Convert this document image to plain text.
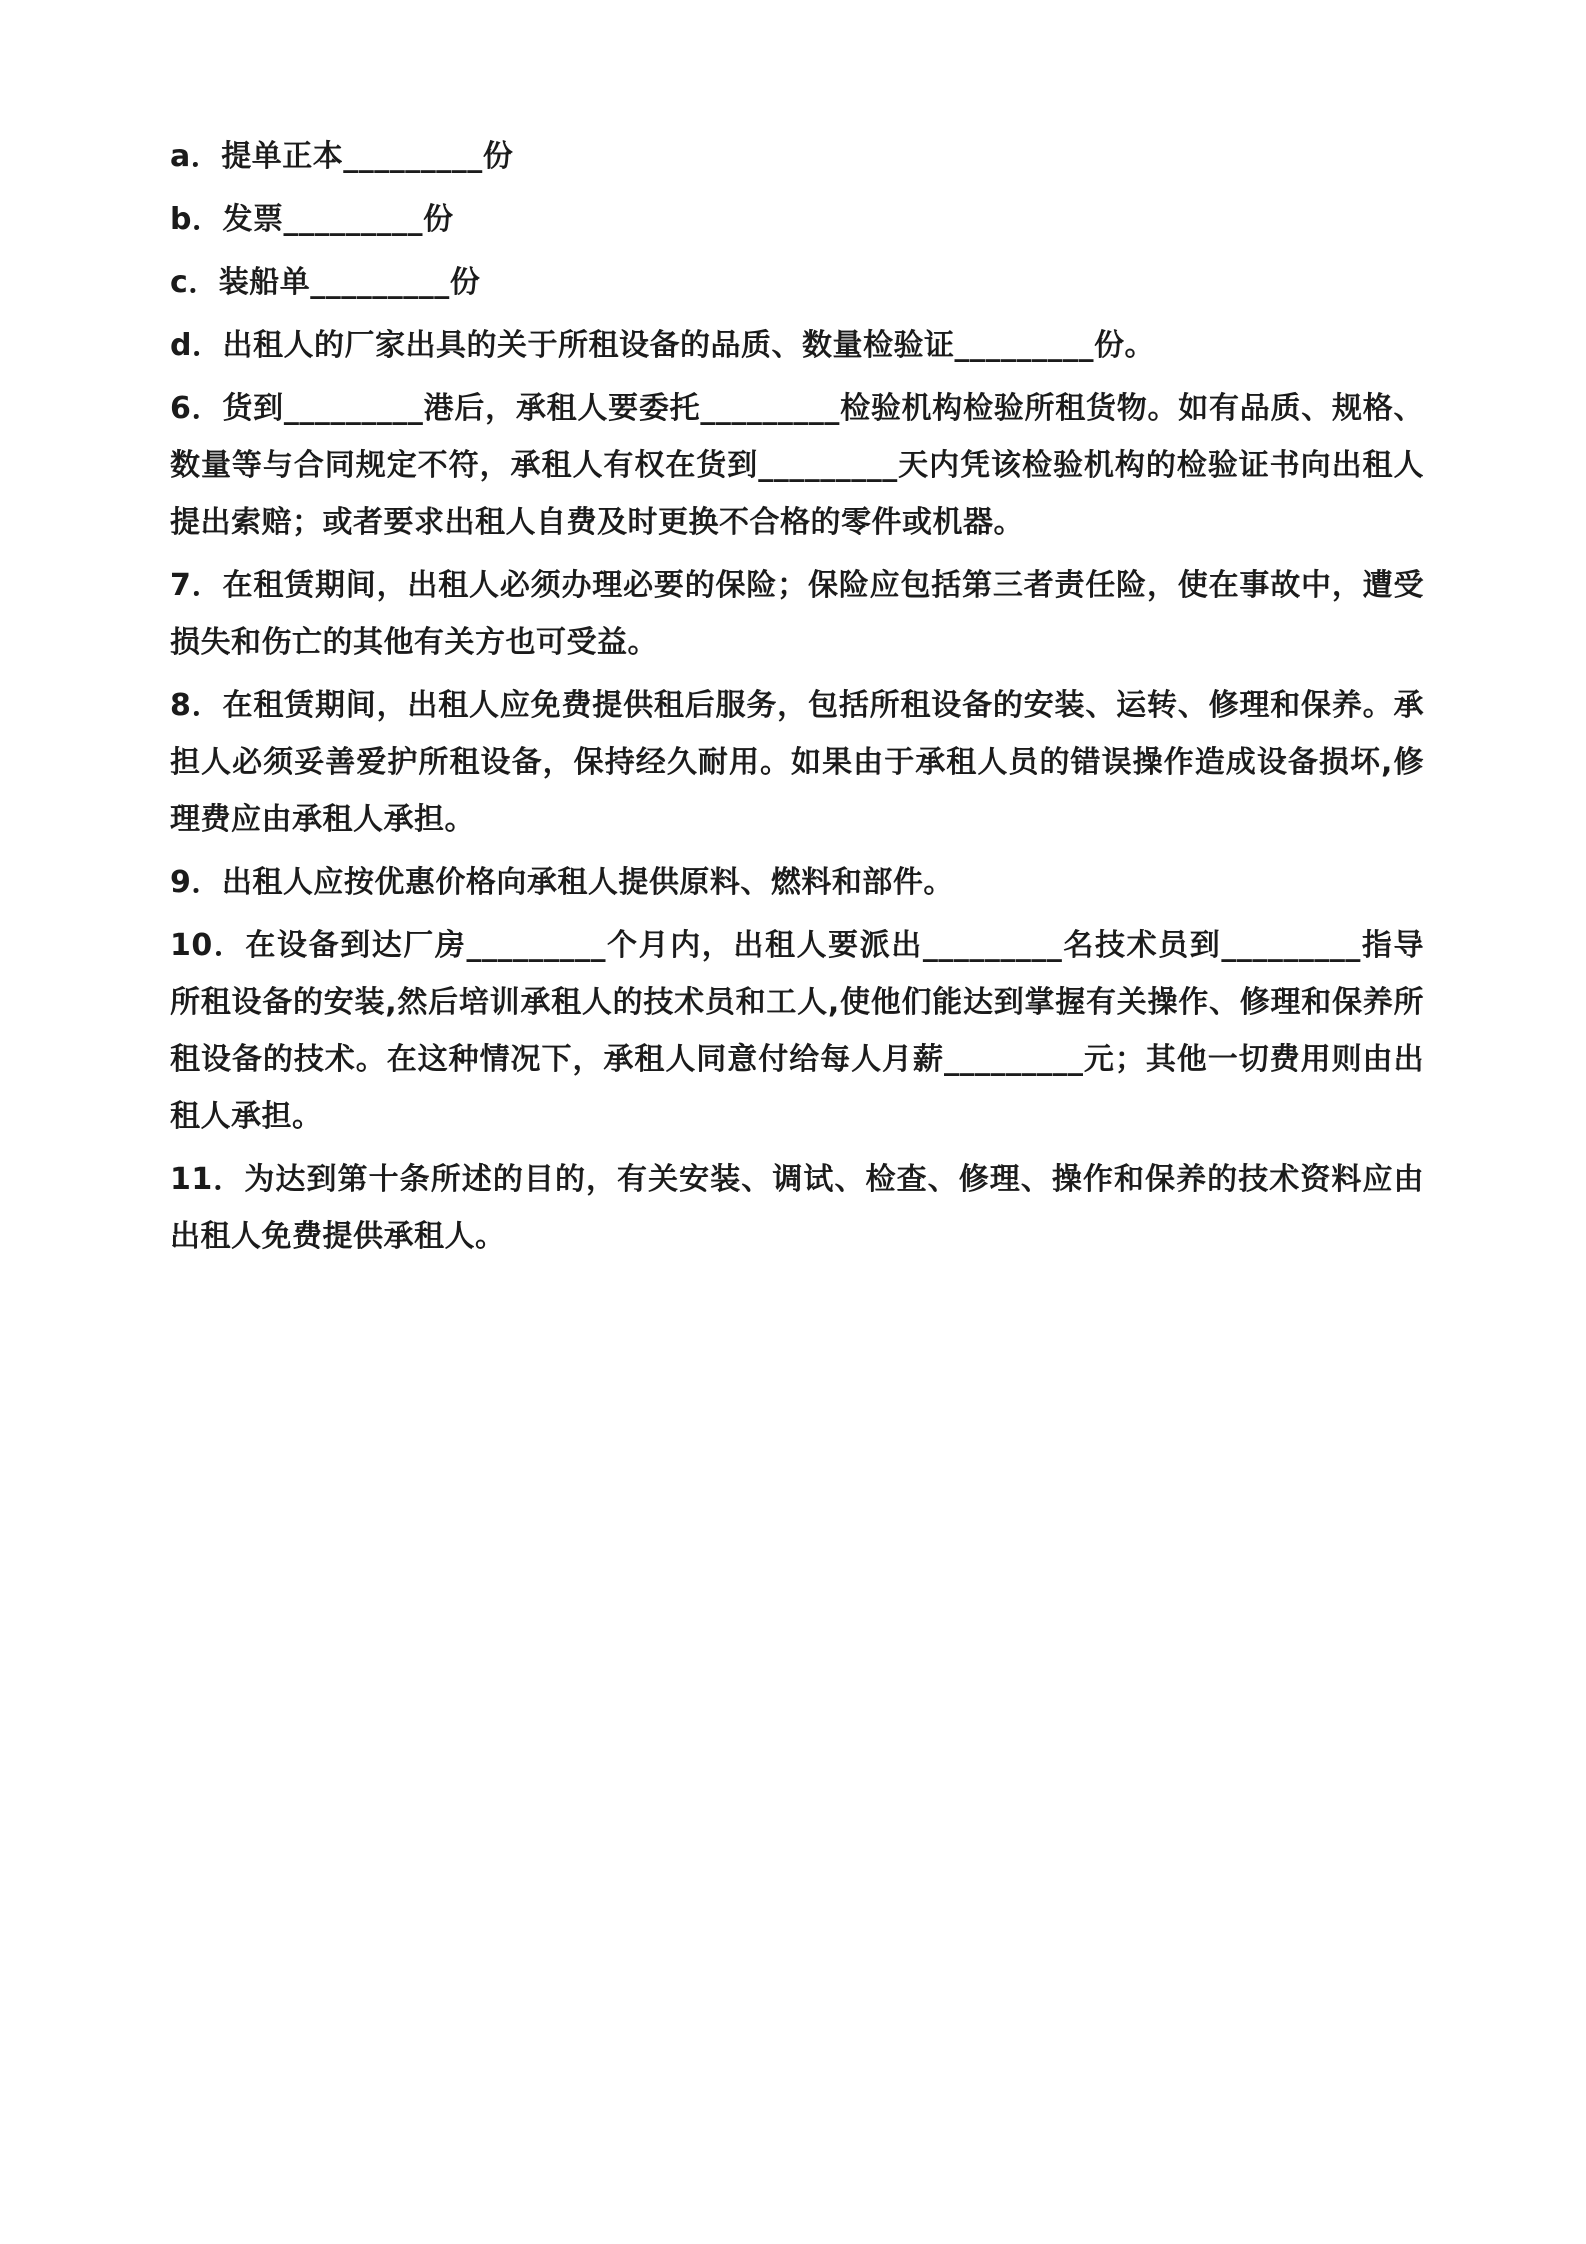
a．提单正本_________份

b．发票_________份

c．装船单_________份

d．出租人的厂家出具的关于所租设备的品质、数量检验证_________份。

6．货到_________港后，承租人要委托_________检验机构检验所租货物。如有品质、规格、数量等与合同规定不符，承租人有权在货到_________天内凭该检验机构的检验证书向出租人提出索赔；或者要求出租人自费及时更换不合格的零件或机器。

7．在租赁期间，出租人必须办理必要的保险；保险应包括第三者责任险，使在事故中，遭受损失和伤亡的其他有关方也可受益。

8．在租赁期间，出租人应免费提供租后服务，包括所租设备的安装、运转、修理和保养。承担人必须妥善爱护所租设备，保持经久耐用。如果由于承租人员的错误操作造成设备损坏,修理费应由承租人承担。

9．出租人应按优惠价格向承租人提供原料、燃料和部件。

10．在设备到达厂房_________个月内，出租人要派出_________名技术员到_________指导所租设备的安装,然后培训承租人的技术员和工人,使他们能达到掌握有关操作、修理和保养所租设备的技术。在这种情况下，承租人同意付给每人月薪_________元；其他一切费用则由出租人承担。

11．为达到第十条所述的目的，有关安装、调试、检查、修理、操作和保养的技术资料应由出租人免费提供承租人。
